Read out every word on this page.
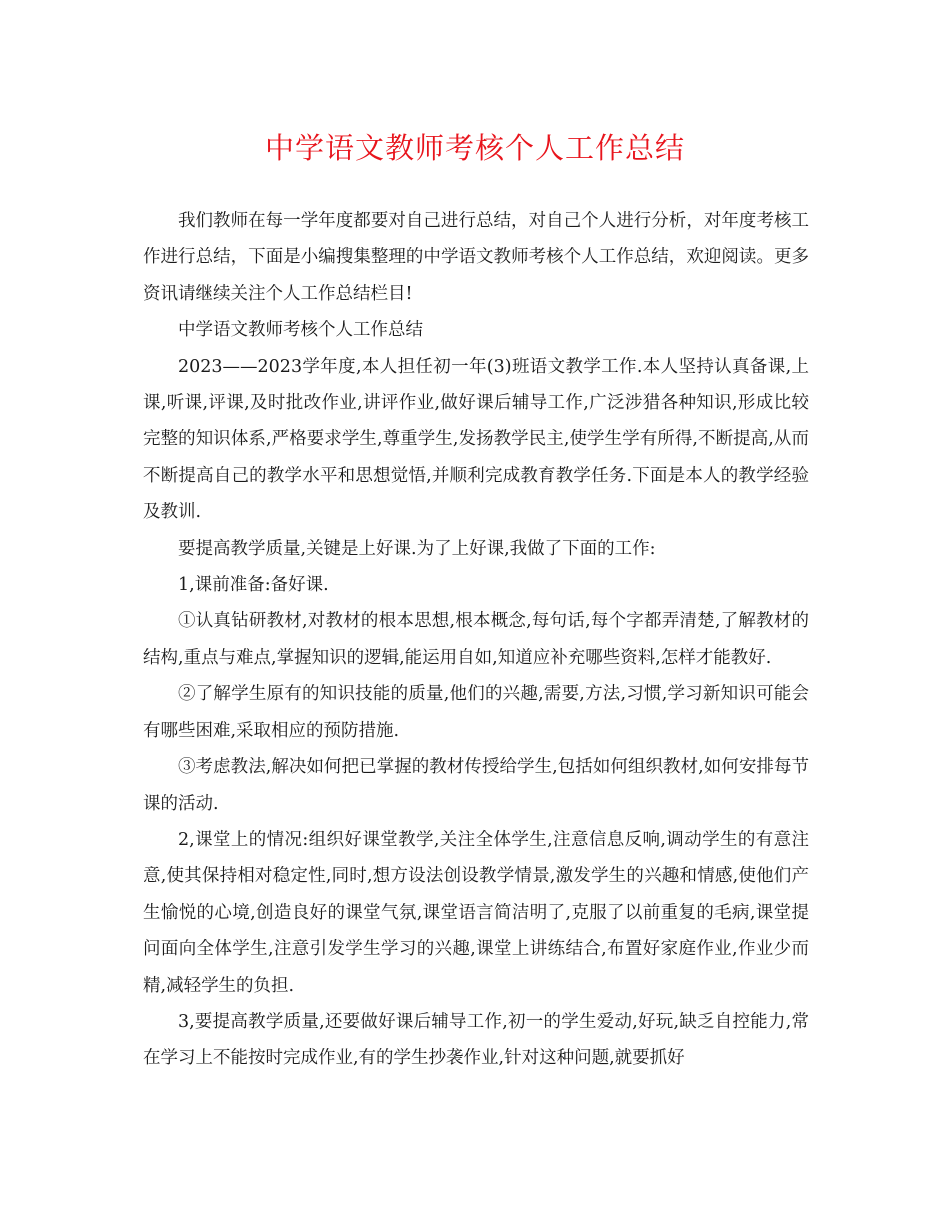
中学语文教师考核个人工作总结

我们教师在每一学年度都要对自己进行总结，对自己个人进行分析，对年度考核工作进行总结，下面是小编搜集整理的中学语文教师考核个人工作总结，欢迎阅读。更多资讯请继续关注个人工作总结栏目!

中学语文教师考核个人工作总结

2023——2023学年度,本人担任初一年(3)班语文教学工作.本人坚持认真备课,上课,听课,评课,及时批改作业,讲评作业,做好课后辅导工作,广泛涉猎各种知识,形成比较完整的知识体系,严格要求学生,尊重学生,发扬教学民主,使学生学有所得,不断提高,从而不断提高自己的教学水平和思想觉悟,并顺利完成教育教学任务.下面是本人的教学经验及教训.

要提高教学质量,关键是上好课.为了上好课,我做了下面的工作:

1,课前准备:备好课.

①认真钻研教材,对教材的根本思想,根本概念,每句话,每个字都弄清楚,了解教材的结构,重点与难点,掌握知识的逻辑,能运用自如,知道应补充哪些资料,怎样才能教好.

②了解学生原有的知识技能的质量,他们的兴趣,需要,方法,习惯,学习新知识可能会有哪些困难,采取相应的预防措施.

③考虑教法,解决如何把已掌握的教材传授给学生,包括如何组织教材,如何安排每节课的活动.

2,课堂上的情况:组织好课堂教学,关注全体学生,注意信息反响,调动学生的有意注意,使其保持相对稳定性,同时,想方设法创设教学情景,激发学生的兴趣和情感,使他们产生愉悦的心境,创造良好的课堂气氛,课堂语言简洁明了,克服了以前重复的毛病,课堂提问面向全体学生,注意引发学生学习的兴趣,课堂上讲练结合,布置好家庭作业,作业少而精,减轻学生的负担.

3,要提高教学质量,还要做好课后辅导工作,初一的学生爱动,好玩,缺乏自控能力,常在学习上不能按时完成作业,有的学生抄袭作业,针对这种问题,就要抓好
